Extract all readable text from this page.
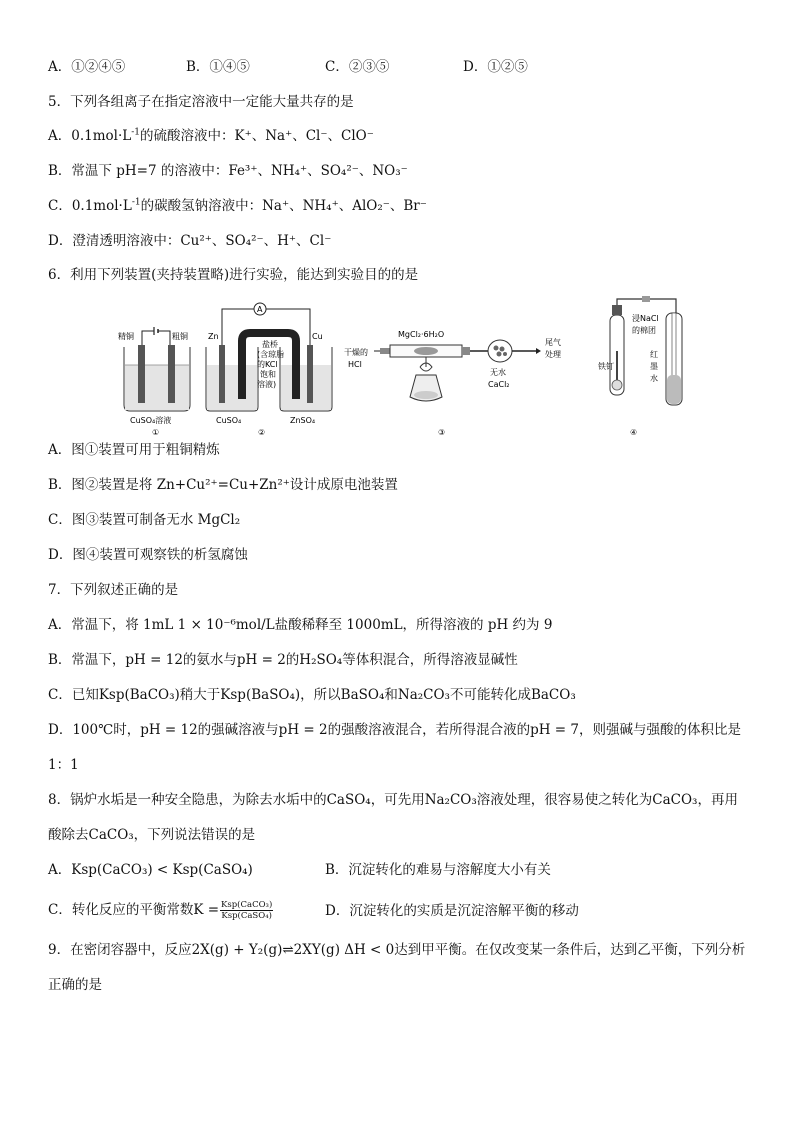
A．①②④⑤	B．①④⑤	C．②③⑤	D．①②⑤
5．下列各组离子在指定溶液中一定能大量共存的是
A．$0.1mol\cdot L^{-1}$的硫酸溶液中：K⁺、Na⁺、Cl⁻、ClO⁻
B．常温下 pH=7 的溶液中：Fe³⁺、NH₄⁺、SO₄²⁻、NO₃⁻
C．$0.1mol\cdot L^{-1}$的碳酸氢钠溶液中：Na⁺、NH₄⁺、AlO₂⁻、Br⁻
D．澄清透明溶液中：Cu²⁺、SO₄²⁻、H⁺、Cl⁻
6．利用下列装置(夹持装置略)进行实验，能达到实验目的的是
精铜	粗铜
CuSO₄溶液
①
A
Zn	Cu
盐桥
(含琼脂
的KCl
饱和
溶液)
CuSO₄	ZnSO₄
②
MgCl₂·6H₂O
干燥的
HCl
尾气
处理
无水
CaCl₂
③
浸NaCl
的棉团
铁钉
红
墨
水
④
A．图①装置可用于粗铜精炼
B．图②装置是将 Zn+Cu²⁺=Cu+Zn²⁺设计成原电池装置
C．图③装置可制备无水 MgCl₂
D．图④装置可观察铁的析氢腐蚀
7．下列叙述正确的是
A．常温下，将 1mL 1 × 10⁻⁶mol/L盐酸稀释至 1000mL，所得溶液的 pH 约为 9
B．常温下，pH = 12的氨水与pH = 2的H₂SO₄等体积混合，所得溶液显碱性
C．已知Ksp(BaCO₃)稍大于Ksp(BaSO₄)，所以BaSO₄和Na₂CO₃不可能转化成BaCO₃
D．100℃时，pH = 12的强碱溶液与pH = 2的强酸溶液混合，若所得混合液的pH = 7，则强碱与强酸的体积比是
1：1
8．锅炉水垢是一种安全隐患，为除去水垢中的CaSO₄，可先用Na₂CO₃溶液处理，很容易使之转化为CaCO₃，再用
酸除去CaCO₃，下列说法错误的是
A．Ksp(CaCO₃) < Ksp(CaSO₄)	B．沉淀转化的难易与溶解度大小有关
C．转化反应的平衡常数$K = \frac{\text{Ksp(CaCO₃)}}{\text{Ksp(CaSO₄)}}$	D．沉淀转化的实质是沉淀溶解平衡的移动
9．在密闭容器中，反应2X(g) + Y₂(g)⇌2XY(g) ΔH < 0达到甲平衡。在仅改变某一条件后，达到乙平衡，下列分析
正确的是
